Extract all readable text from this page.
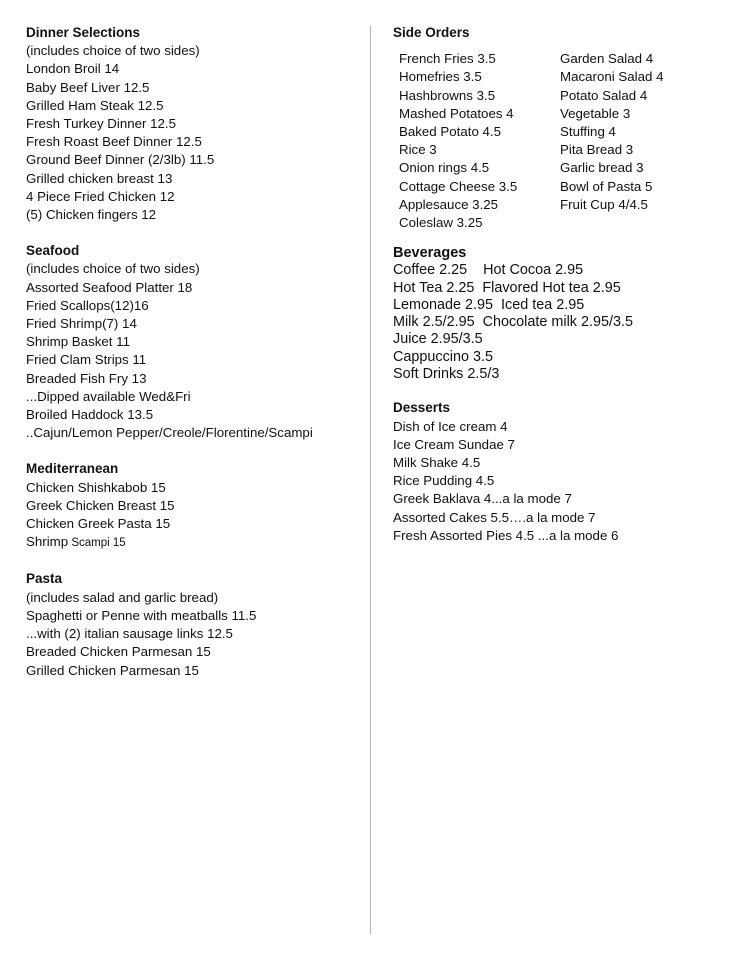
Dinner Selections
(includes choice of two sides)
London Broil 14
Baby Beef Liver 12.5
Grilled Ham Steak 12.5
Fresh Turkey Dinner 12.5
Fresh Roast Beef Dinner 12.5
Ground Beef Dinner (2/3lb) 11.5
Grilled chicken breast 13
4 Piece Fried Chicken 12
(5) Chicken fingers 12
Seafood
(includes choice of two sides)
Assorted Seafood Platter 18
Fried Scallops(12)16
Fried Shrimp(7) 14
Shrimp Basket 11
Fried Clam Strips 11
Breaded Fish Fry 13
...Dipped available Wed&Fri
Broiled Haddock 13.5
..Cajun/Lemon Pepper/Creole/Florentine/Scampi
Mediterranean
Chicken Shishkabob 15
Greek Chicken Breast 15
Chicken Greek Pasta 15
Shrimp Scampi 15
Pasta
(includes salad and garlic bread)
Spaghetti or Penne with meatballs 11.5
...with (2) italian sausage links 12.5
Breaded Chicken Parmesan 15
Grilled Chicken Parmesan 15
Side Orders
French Fries 3.5
Homefries 3.5
Hashbrowns 3.5
Mashed Potatoes 4
Baked Potato 4.5
Rice 3
Onion rings 4.5
Cottage Cheese 3.5
Applesauce 3.25
Coleslaw 3.25
Garden Salad 4
Macaroni Salad 4
Potato Salad 4
Vegetable 3
Stuffing 4
Pita Bread 3
Garlic bread 3
Bowl of Pasta 5
Fruit Cup 4/4.5
Beverages
Coffee 2.25    Hot Cocoa 2.95
Hot Tea 2.25  Flavored Hot tea 2.95
Lemonade 2.95  Iced tea 2.95
Milk 2.5/2.95  Chocolate milk 2.95/3.5
Juice 2.95/3.5
Cappuccino 3.5
Soft Drinks 2.5/3
Desserts
Dish of Ice cream 4
Ice Cream Sundae 7
Milk Shake 4.5
Rice Pudding 4.5
Greek Baklava 4...a la mode 7
Assorted Cakes 5.5….a la mode 7
Fresh Assorted Pies 4.5 ...a la mode 6
